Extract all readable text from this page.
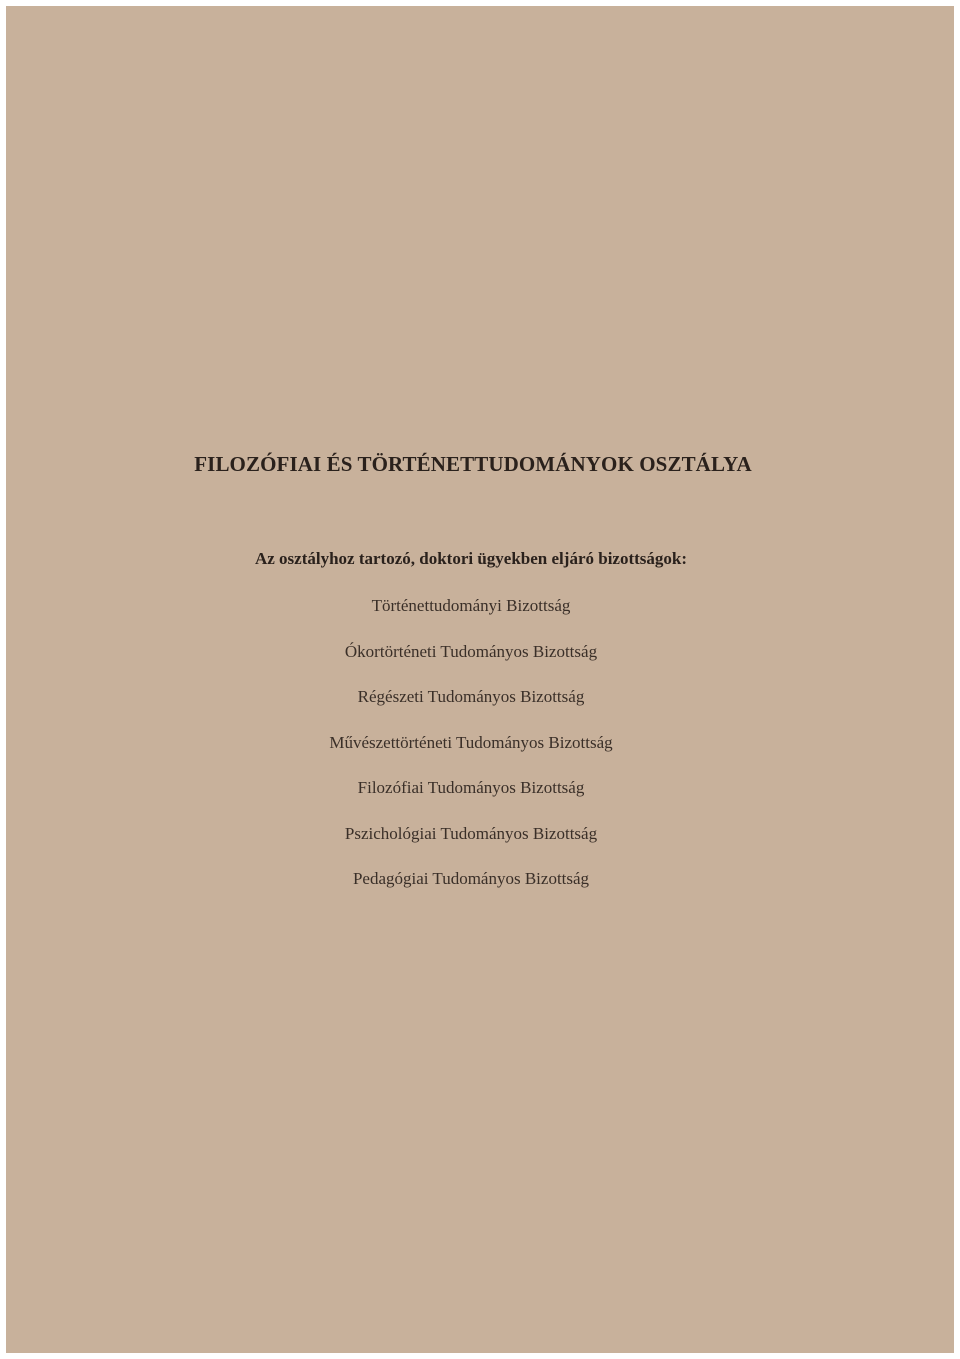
FILOZÓFIAI ÉS TÖRTÉNETTUDOMÁNYOK OSZTÁLYA
Az osztályhoz tartozó, doktori ügyekben eljáró bizottságok:
Történettudományi Bizottság
Ókortörténeti Tudományos Bizottság
Régészeti Tudományos Bizottság
Művészettörténeti Tudományos Bizottság
Filozófiai Tudományos Bizottság
Pszichológiai Tudományos Bizottság
Pedagógiai Tudományos Bizottság
